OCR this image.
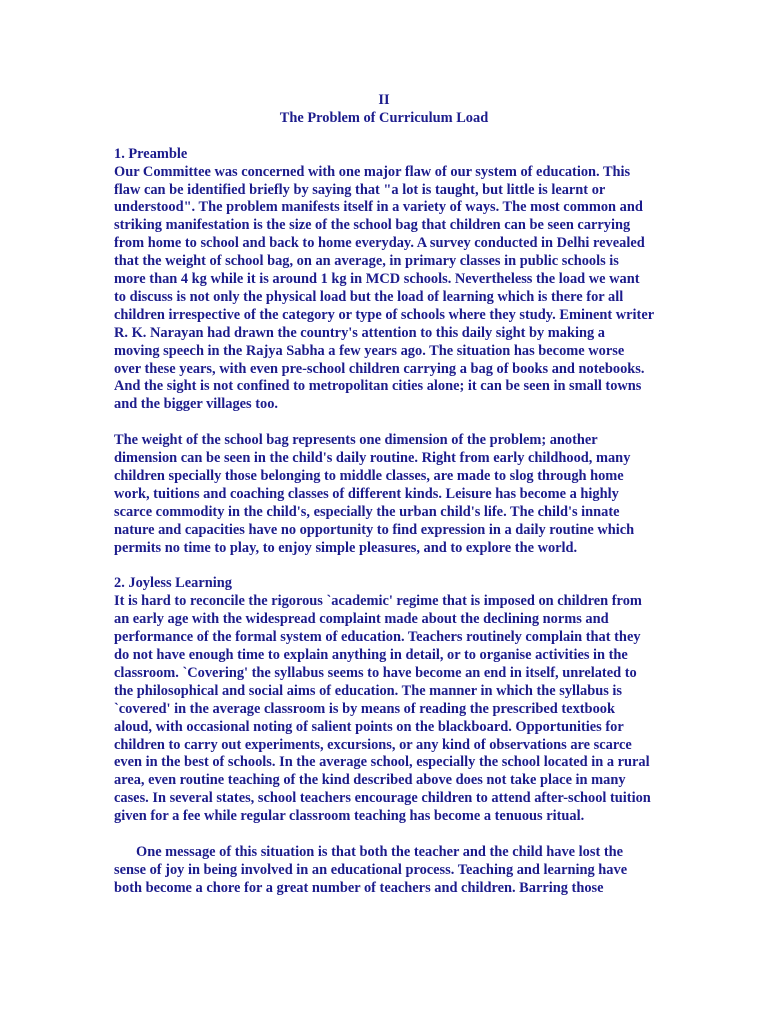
II

The Problem of Curriculum Load

1. Preamble

Our Committee was concerned with one major flaw of our system of education. This flaw can be identified briefly by saying that "a lot is taught, but little is learnt or understood". The problem manifests itself in a variety of ways. The most common and striking manifestation is the size of the school bag that children can be seen carrying from home to school and back to home everyday. A survey conducted in Delhi revealed that the weight of school bag, on an average, in primary classes in public schools is more than 4 kg while it is around 1 kg in MCD schools. Nevertheless the load we want to discuss is not only the physical load but the load of learning which is there for all children irrespective of the category or type of schools where they study. Eminent writer R. K. Narayan had drawn the country's attention to this daily sight by making a moving speech in the Rajya Sabha a few years ago. The situation has become worse over these years, with even pre-school children carrying a bag of books and notebooks. And the sight is not confined to metropolitan cities alone; it can be seen in small towns and the bigger villages too.

The weight of the school bag represents one dimension of the problem; another dimension can be seen in the child's daily routine. Right from early childhood, many children specially those belonging to middle classes, are made to slog through home work, tuitions and coaching classes of different kinds. Leisure has become a highly scarce commodity in the child's, especially the urban child's life. The child's innate nature and capacities have no opportunity to find expression in a daily routine which permits no time to play, to enjoy simple pleasures, and to explore the world.

2. Joyless Learning

It is hard to reconcile the rigorous `academic' regime that is imposed on children from an early age with the widespread complaint made about the declining norms and performance of the formal system of education. Teachers routinely complain that they do not have enough time to explain anything in detail, or to organise activities in the classroom. `Covering' the syllabus seems to have become an end in itself, unrelated to the philosophical and social aims of education. The manner in which the syllabus is `covered' in the average classroom is by means of reading the prescribed textbook aloud, with occasional noting of salient points on the blackboard. Opportunities for children to carry out experiments, excursions, or any kind of observations are scarce even in the best of schools. In the average school, especially the school located in a rural area, even routine teaching of the kind described above does not take place in many cases. In several states, school teachers encourage children to attend after-school tuition given for a fee while regular classroom teaching has become a tenuous ritual.

One message of this situation is that both the teacher and the child have lost the sense of joy in being involved in an educational process. Teaching and learning have both become a chore for a great number of teachers and children. Barring those
